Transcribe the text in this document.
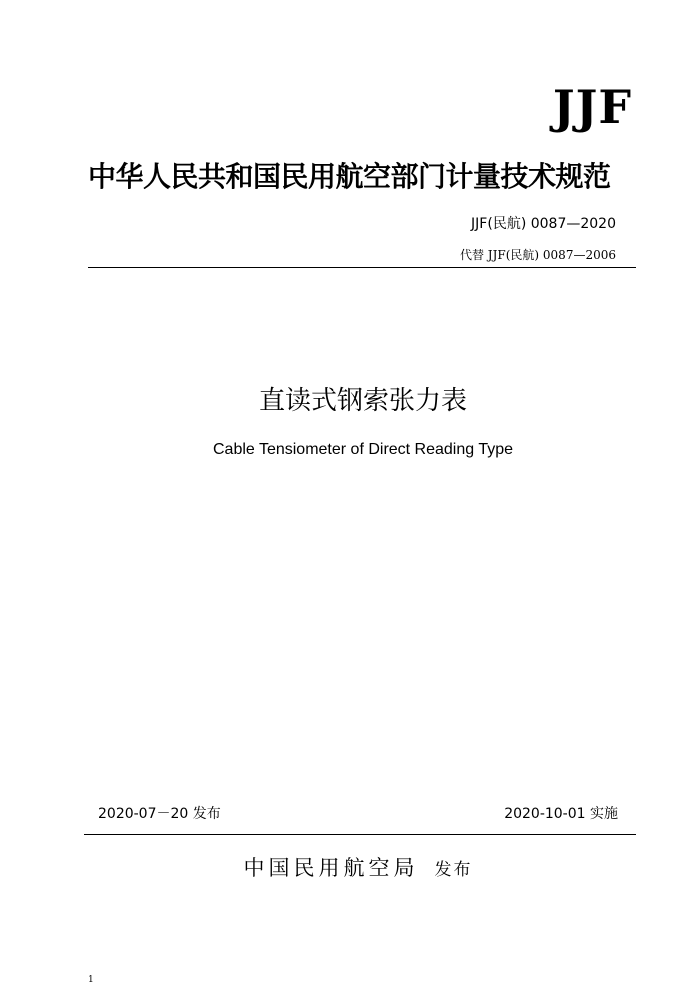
JJF
中华人民共和国民用航空部门计量技术规范
JJF(民航) 0087—2020
代替 JJF(民航) 0087—2006
直读式钢索张力表
Cable Tensiometer of Direct Reading Type
2020-07－20 发布	2020-10-01 实施
中国民用航空局 发布
1
